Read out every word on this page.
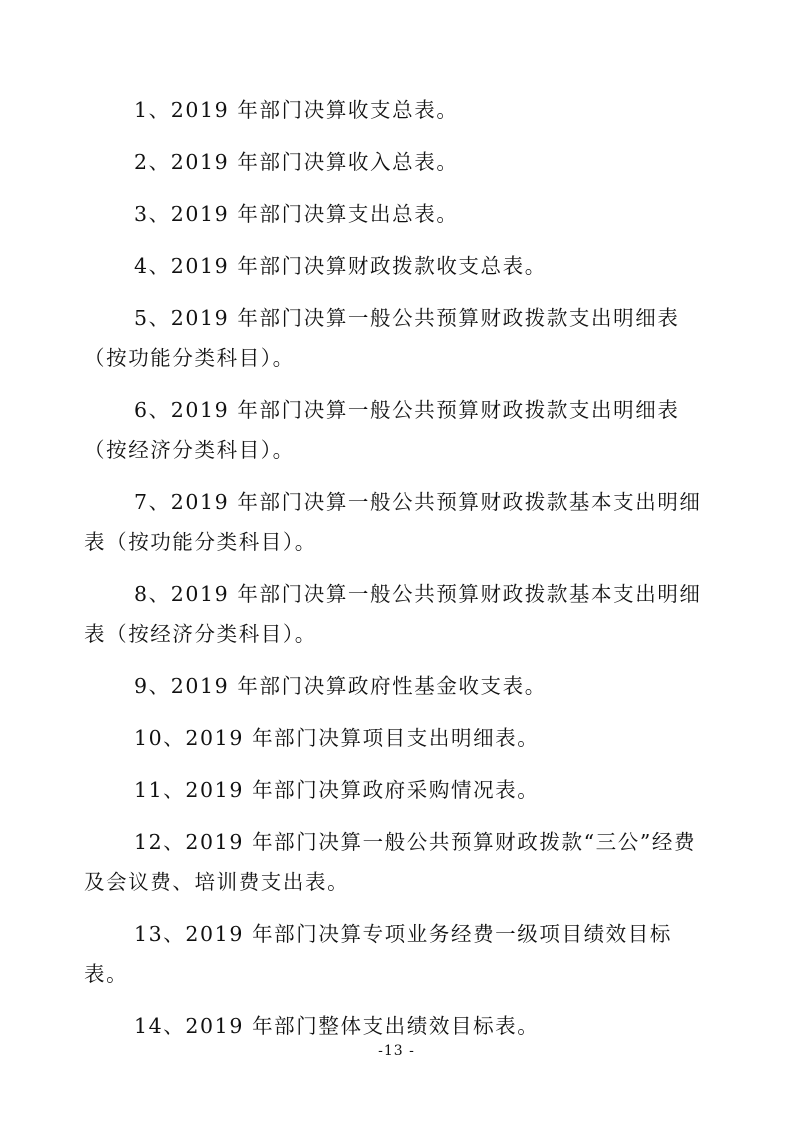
1、2019 年部门决算收支总表。

2、2019 年部门决算收入总表。

3、2019 年部门决算支出总表。

4、2019 年部门决算财政拨款收支总表。

5、2019 年部门决算一般公共预算财政拨款支出明细表（按功能分类科目）。

6、2019 年部门决算一般公共预算财政拨款支出明细表（按经济分类科目）。

7、2019 年部门决算一般公共预算财政拨款基本支出明细表（按功能分类科目）。

8、2019 年部门决算一般公共预算财政拨款基本支出明细表（按经济分类科目）。

9、2019 年部门决算政府性基金收支表。

10、2019 年部门决算项目支出明细表。

11、2019 年部门决算政府采购情况表。

12、2019 年部门决算一般公共预算财政拨款“三公”经费及会议费、培训费支出表。

13、2019 年部门决算专项业务经费一级项目绩效目标表。

14、2019 年部门整体支出绩效目标表。

-13 -
